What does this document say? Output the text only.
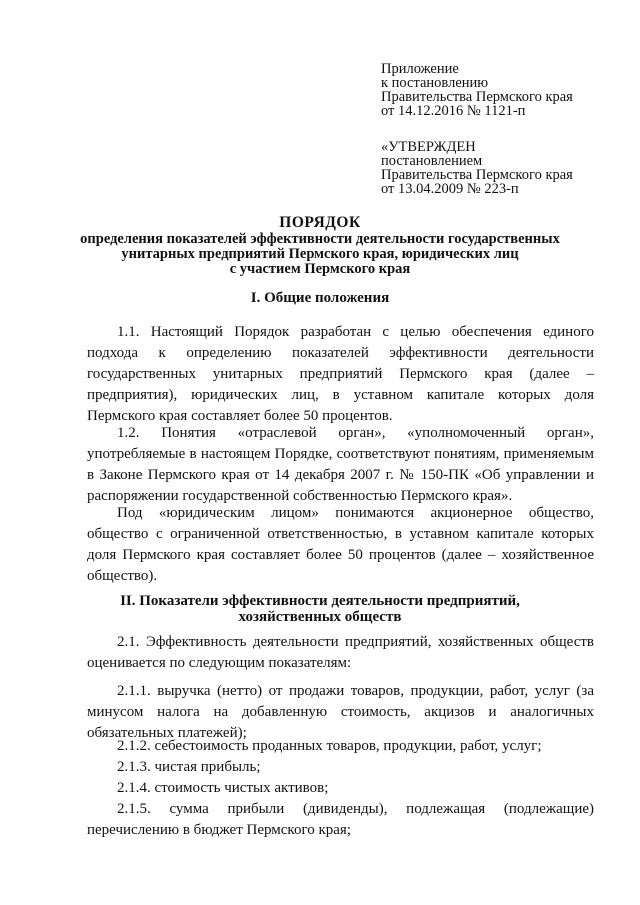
Приложение
к постановлению
Правительства Пермского края
от 14.12.2016 № 1121-п
«УТВЕРЖДЕН
постановлением
Правительства Пермского края
от 13.04.2009 № 223-п
ПОРЯДОК
определения показателей эффективности деятельности государственных
унитарных предприятий Пермского края, юридических лиц
с участием Пермского края
I. Общие положения
1.1. Настоящий Порядок разработан с целью обеспечения единого подхода к определению показателей эффективности деятельности государственных унитарных предприятий Пермского края (далее – предприятия), юридических лиц, в уставном капитале которых доля Пермского края составляет более 50 процентов.
1.2. Понятия «отраслевой орган», «уполномоченный орган», употребляемые в настоящем Порядке, соответствуют понятиям, применяемым в Законе Пермского края от 14 декабря 2007 г. № 150-ПК «Об управлении и распоряжении государственной собственностью Пермского края».
Под «юридическим лицом» понимаются акционерное общество, общество с ограниченной ответственностью, в уставном капитале которых доля Пермского края составляет более 50 процентов (далее – хозяйственное общество).
II. Показатели эффективности деятельности предприятий,
хозяйственных обществ
2.1. Эффективность деятельности предприятий, хозяйственных обществ оценивается по следующим показателям:
2.1.1. выручка (нетто) от продажи товаров, продукции, работ, услуг (за минусом налога на добавленную стоимость, акцизов и аналогичных обязательных платежей);
2.1.2. себестоимость проданных товаров, продукции, работ, услуг;
2.1.3. чистая прибыль;
2.1.4. стоимость чистых активов;
2.1.5. сумма прибыли (дивиденды), подлежащая (подлежащие) перечислению в бюджет Пермского края;
